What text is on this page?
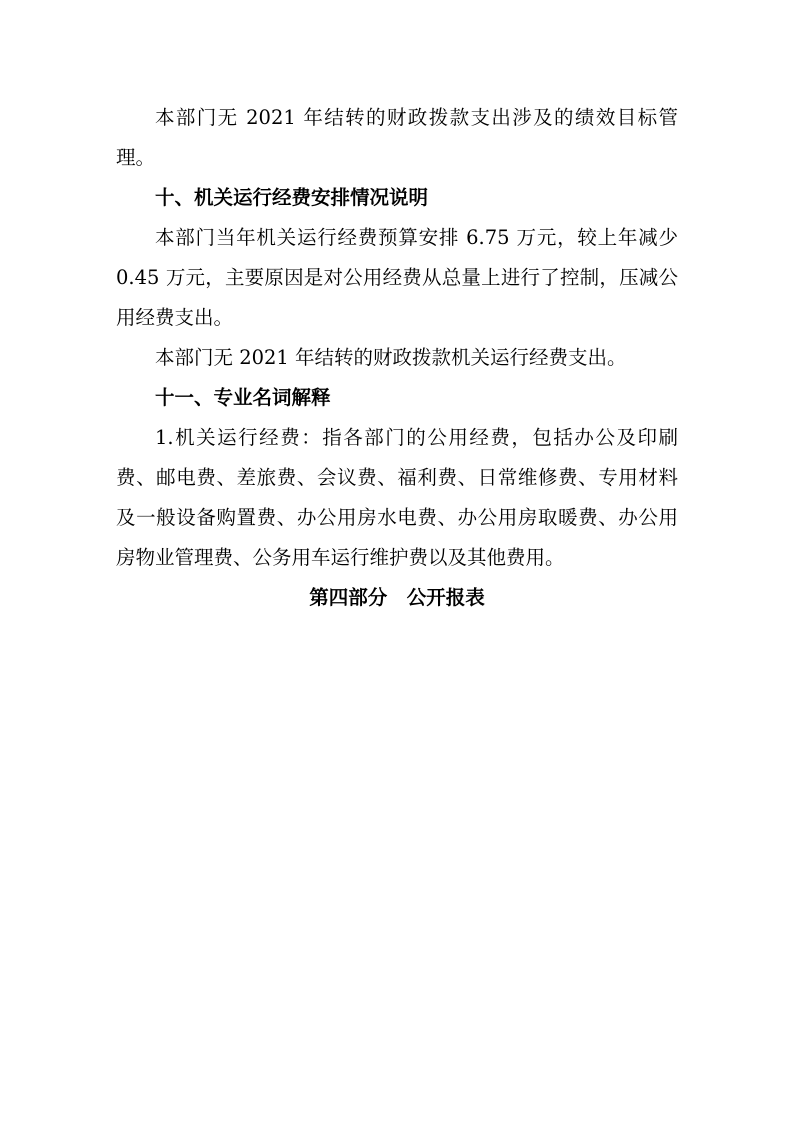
本部门无 2021 年结转的财政拨款支出涉及的绩效目标管理。

十、机关运行经费安排情况说明

本部门当年机关运行经费预算安排 6.75 万元，较上年减少 0.45 万元，主要原因是对公用经费从总量上进行了控制，压减公用经费支出。

本部门无 2021 年结转的财政拨款机关运行经费支出。

十一、专业名词解释

1.机关运行经费：指各部门的公用经费，包括办公及印刷费、邮电费、差旅费、会议费、福利费、日常维修费、专用材料及一般设备购置费、办公用房水电费、办公用房取暖费、办公用房物业管理费、公务用车运行维护费以及其他费用。

第四部分　公开报表
